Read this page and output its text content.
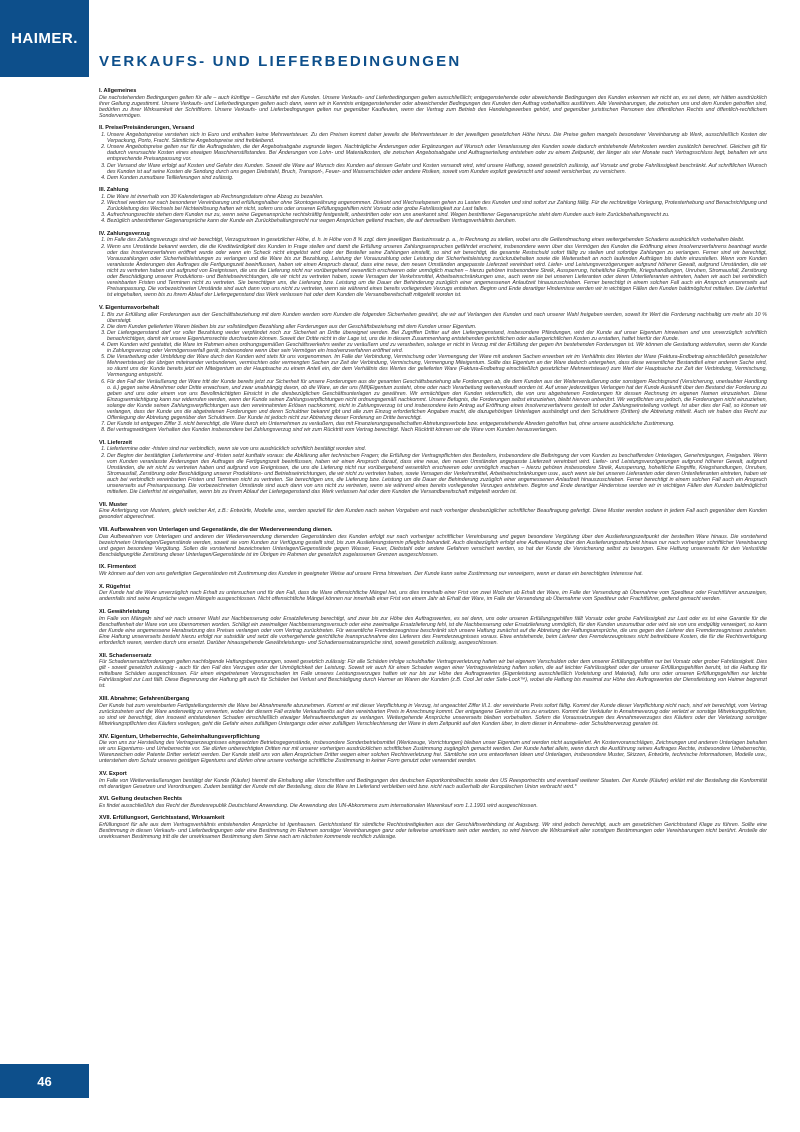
HAIMER.
46
VERKAUFS- UND LIEFERBEDINGUNGEN
I. Allgemeines

Die nachstehenden Bedingungen gelten für alle – auch künftige – Geschäfte mit den Kunden. Unsere Verkaufs- und Lieferbedingungen gelten ausschließlich; entgegenstehende oder abweichende Bedingungen des Kunden erkennen wir nicht an, es sei denn, wir hätten ausdrücklich ihrer Geltung zugestimmt. Unsere Verkaufs- und Lieferbedingungen gelten auch dann, wenn wir in Kenntnis entgegenstehender oder abweichender Bedingungen des Kunden den Auftrag vorbehaltlos ausführen. Alle Vereinbarungen, die zwischen uns und dem Kunden getroffen sind, bedürfen zu ihrer Wirksamkeit der Schriftform. Unsere Verkaufs- und Lieferbedingungen gelten nur gegenüber Kaufleuten, wenn der Vertrag zum Betrieb des Handelsgewerbes gehört, und gegenüber juristischen Personen des öffentlichen Rechts und öffentlich-rechtlichem Sondervermögen.

II. Preise/Preisänderungen, Versand
1. Unsere Angebotspreise verstehen sich in Euro und enthalten keine Mehrwertsteuer. Zu den Preisen kommt daher jeweils die Mehrwertsteuer in der jeweiligen gesetzlichen Höhe hinzu. Die Preise gelten mangels besonderer Vereinbarung ab Werk, ausschließlich Kosten der Verpackung, Porto, Fracht. Sämtliche Angebotspreise sind freibleibend.
2. Unsere Angebotspreise gelten nur für die Auftragsdaten, die der Angebotsabgabe zugrunde liegen. Nachträgliche Änderungen oder Ergänzungen auf Wunsch oder Veranlassung des Kunden sowie dadurch entstehende Mehrkosten werden zusätzlich berechnet. Gleiches gilt für dadurch verursachte Kosten eines etwaigen Maschinenstillstandes. Bei Änderungen von Lohn- und Materialkosten, die zwischen Angebotsabgabe und Auftragserteilung entstehen oder zu einem Zeitpunkt, der länger als vier Monate nach Vertragsschluss liegt, behalten wir uns entsprechende Preisanpassung vor.
3. Der Versand der Ware erfolgt auf Kosten und Gefahr des Kunden. Soweit die Ware auf Wunsch des Kunden auf dessen Gefahr und Kosten versandt wird, wird unsere Haftung, soweit gesetzlich zulässig, auf Vorsatz und grobe Fahrlässigkeit beschränkt. Auf schriftlichen Wunsch des Kunden ist auf seine Kosten die Sendung durch uns gegen Diebstahl, Bruch, Transport-, Feuer- und Wasserschäden oder andere Risiken, soweit vom Kunden explizit gewünscht und soweit versicherbar, zu versichern.
4. Dem Kunden zumutbare Teillieferungen sind zulässig.
III. Zahlung
1. Die Ware ist innerhalb von 30 Kalendertagen ab Rechnungsdatum ohne Abzug zu bezahlen.
2. Wechsel werden nur nach besonderer Vereinbarung und erfüllungshalber ohne Skontogewährung angenommen. Diskont und Wechselspesen gehen zu Lasten des Kunden und sind sofort zur Zahlung fällig. Für die rechtzeitige Vorlegung, Protesterhebung und Benachrichtigung und Zurückleitung des Wechsels bei Nichteinlösung haften wir nicht, sofern uns oder unseren Erfüllungsgehilfen nicht Vorsatz oder grobe Fahrlässigkeit zur Last fallen.
3. Aufrechnungsrechte stehen dem Kunden nur zu, wenn seine Gegenansprüche rechtskräftig festgestellt, unbestritten oder von uns anerkannt sind. Wegen bestrittener Gegenansprüche steht dem Kunden auch kein Zurückbehaltungsrecht zu.
4. Bezüglich unbestrittener Gegenansprüche kann der Kunde ein Zurückbehaltungsrecht nur wegen Ansprüchen geltend machen, die auf demselben Vertragsverhältnis beruhen.
IV. Zahlungsverzug
1. Im Falle des Zahlungsverzugs sind wir berechtigt, Verzugszinsen in gesetzlicher Höhe, d. h. in Höhe von 8 % zzgl. dem jeweiligen Basiszinssatz p. a., in Rechnung zu stellen, wobei uns die Geltendmachung eines weitergehenden Schadens ausdrücklich vorbehalten bleibt.
2. Wenn uns Umstände bekannt werden, die die Kreditwürdigkeit des Kunden in Frage stellen und damit die Erfüllung unseres Zahlungsanspruches gefährdet erscheint, insbesondere wenn über das Vermögen des Kunden die Eröffnung eines Insolvenzverfahrens beantragt wurde oder das Insolvenzverfahren eröffnet wurde oder wenn ein Scheck nicht eingelöst wird oder der Besteller seine Zahlungen einstellt, so sind wir berechtigt, die gesamte Restschuld sofort fällig zu stellen und sofortige Zahlungen zu verlangen. Ferner sind wir berechtigt, Vorauszahlungen oder Sicherheitsleistungen zu verlangen und die Ware bis zur Bezahlung, Leistung der Vorauszahlung oder Leistung der Sicherheitsleistung zurückzubehalten sowie die Weiterarbeit an noch laufenden Aufträgen bis dahin einzustellen. Wenn vom Kunden veranlasste Änderungen des Auftrages die Fertigungszeit beeinflussen, haben wir einen Anspruch darauf, dass eine neue, den neuen Umständen angepasste Lieferzeit vereinbart wird. Liefer- und Leistungsverzögerungen aufgrund höherer Gewalt, aufgrund Umständen, die wir nicht zu vertreten haben und aufgrund von Ereignissen, die uns die Lieferung nicht nur vorübergehend wesentlich erschweren oder unmöglich machen – hierzu gehören insbesondere Streik, Aussperrung, hoheitliche Eingriffe, Kriegshandlungen, Unruhen, Stromausfall, Zerstörung oder Beschädigung unserer Produktions- und Betriebseinrichtungen, die wir nicht zu vertreten haben, sowie Versagen der Verkehrsmittel, Arbeitseinschränkungen usw., auch wenn sie bei unseren Lieferanten oder deren Unterlieferanten eintreten, haben wir auch bei verbindlich vereinbarten Fristen und Terminen nicht zu vertreten. Sie berechtigen uns, die Lieferung bzw. Leistung um die Dauer der Behinderung zuzüglich einer angemessenen Anlaufzeit hinauszuschieben. Ferner berechtigt in einem solchen Fall auch ein Anspruch unsererseits auf Preisanpassung. Die vorbezeichneten Umstände sind auch dann von uns nicht zu vertreten, wenn sie während eines bereits vorliegenden Verzugs entstehen. Beginn und Ende derartiger Hindernisse werden wir in wichtigen Fällen den Kunden baldmöglichst mitteilen. Die Lieferfrist ist eingehalten, wenn bis zu ihrem Ablauf der Liefergegenstand das Werk verlassen hat oder dem Kunden die Versandbereitschaft mitgeteilt worden ist.
V. Eigentumsvorbehalt
1. Bis zur Erfüllung aller Forderungen aus der Geschäftsbeziehung mit dem Kunden werden vom Kunden die folgenden Sicherheiten gewährt, die wir auf Verlangen des Kunden und nach unserer Wahl freigeben werden, soweit ihr Wert die Forderung nachhaltig um mehr als 10 % übersteigt.
2. Die dem Kunden gelieferten Waren bleiben bis zur vollständigen Bezahlung aller Forderungen aus der Geschäftsbeziehung mit dem Kunden unser Eigentum.
3. Der Liefergegenstand darf vor voller Bezahlung weder verpfändet noch zur Sicherheit an Dritte übereignet werden. Bei Zugriffen Dritter auf den Liefergegenstand, insbesondere Pfändungen, wird der Kunde auf unser Eigentum hinweisen und uns unverzüglich schriftlich benachrichtigen, damit wir unsere Eigentumsrechte durchsetzen können. Soweit der Dritte nicht in der Lage ist, uns die in diesem Zusammenhang entstehenden gerichtlichen oder außergerichtlichen Kosten zu erstatten, haftet hierfür der Kunde.
4. Dem Kunden wird gestattet, die Ware im Rahmen eines ordnungsgemäßen Geschäftsverkehrs weiter zu veräußern und zu verarbeiten, solange er nicht in Verzug mit der Erfüllung der gegen ihn bestehenden Forderungen ist. Wir können die Gestattung widerrufen, wenn der Kunde in Zahlungsverzug oder Vermögensverfall gerät, insbesondere wenn über sein Vermögen ein Insolvenzverfahren eröffnet wird.
5. Die Verarbeitung oder Umbildung der Ware durch den Kunden wird stets für uns vorgenommen. Im Falle der Verbindung, Vermischung oder Vermengung der Ware mit anderen Sachen erwerben wir im Verhältnis des Wertes der Ware (Faktura-Endbetrag einschließlich gesetzlicher Mehrwertsteuer) der übrigen miteinander verbundenen, vermischten oder vermengten Sachen zur Zeit der Verbindung, Vermischung, Vermengung Miteigentum. Sollte das Eigentum an der Ware dadurch untergehen, dass diese wesentlicher Bestandteil einer anderen Sache wird, so räumt uns der Kunde bereits jetzt ein Miteigentum an der Hauptsache zu einem Anteil ein, der dem Verhältnis des Wertes der gelieferten Ware (Faktura-Endbetrag einschließlich gesetzlicher Mehrwertsteuer) zum Wert der Hauptsache zur Zeit der Verbindung, Vermischung, Vermengung entspricht.
6. Für den Fall der Veräußerung der Ware tritt der Kunde bereits jetzt zur Sicherheit für unsere Forderungen aus der gesamten Geschäftsbeziehung alle Forderungen ab, die dem Kunden aus der Weiterveräußerung oder sonstigem Rechtsgrund (Versicherung, unerlaubter Handlung o. ä.) gegen seine Abnehmer oder Dritte erwachsen, und zwar unabhängig davon, ob die Ware, an der uns (Mit)Eigentum zusteht, ohne oder nach Verarbeitung weiterverkauft worden ist. Auf unser jederzeitiges Verlangen hat der Kunde Auskunft über den Bestand der Forderung zu geben und uns oder einem von uns Bevollmächtigten Einsicht in die diesbezüglichen Geschäftsunterlagen zu gewähren. Wir ermächtigen den Kunden widerruflich, die von uns abgetretenen Forderungen für dessen Rechnung im eigenen Namen einzuziehen. Diese Einzugsermächtigung kann nur widerrufen werden, wenn der Kunde seinen Zahlungsverpflichtungen nicht ordnungsgemäß nachkommt. Unsere Befugnis, die Forderungen selbst einzuziehen, bleibt hiervon unberührt. Wir verpflichten uns jedoch, die Forderungen nicht einzuziehen, solange der Kunde seinen Zahlungsverpflichtungen aus den vereinnahmten Erlösen nachkommt, nicht in Zahlungsverzug ist und insbesondere kein Antrag auf Eröffnung eines Insolvenzverfahrens gestellt ist oder Zahlungseinstellung vorliegt. Ist aber dies der Fall, so können wir verlangen, dass der Kunde uns die abgetretenen Forderungen und deren Schuldner bekannt gibt und alle zum Einzug erforderlichen Angaben macht, die dazugehörigen Unterlagen aushändigt und den Schuldnern (Dritten) die Abtretung mitteilt. Auch wir haben das Recht zur Offenlegung der Abtretung gegenüber den Schuldnern. Der Kunde ist jedoch nicht zur Abtretung dieser Forderung an Dritte berechtigt.
7. Der Kunde ist entgegen Ziffer 3. nicht berechtigt, die Ware durch ein Unternehmen zu veräußern, das mit Finanzierungsgesellschaften Abtretungsverbote bzw. entgegenstehende Abreden getroffen hat, ohne unsere ausdrückliche Zustimmung.
8. Bei vertragswidrigem Verhalten des Kunden insbesondere bei Zahlungsverzug sind wir zum Rücktritt vom Vertrag berechtigt. Nach Rücktritt können wir die Ware vom Kunden herausverlangen.
VI. Lieferzeit
1. Liefertermine oder -fristen sind nur verbindlich, wenn sie von uns ausdrücklich schriftlich bestätigt worden sind.
2. Der Beginn der bestätigten Liefertermine und -fristen setzt kunftativ voraus: die Abklärung aller technischen Fragen; die Erfüllung der Vertragspflichten des Bestellers, insbesondere die Beibringung der vom Kunden zu beschaffenden Unterlagen, Genehmigungen, Freigaben. Wenn vom Kunden veranlasste Änderungen des Auftrages die Fertigungszeit beeinflussen, haben wir einen Anspruch darauf, dass eine neue, den neuen Umständen angepasste Lieferzeit vereinbart wird. Liefer- und Leistungsverzögerungen aufgrund höherer Gewalt, aufgrund Umständen, die wir nicht zu vertreten haben und aufgrund von Ereignissen, die uns die Lieferung nicht nur vorübergehend wesentlich erschweren oder unmöglich machen – hierzu gehören insbesondere Streik, Aussperrung, hoheitliche Eingriffe, Kriegshandlungen, Unruhen, Stromausfall, Zerstörung oder Beschädigung unserer Produktions- und Betriebseinrichtungen, die wir nicht zu vertreten haben, sowie Versagen der Verkehrsmittel, Arbeitseinschränkungen usw., auch wenn sie bei unseren Lieferanten oder deren Unterlieferanten eintreten, haben wir auch bei verbindlich vereinbarten Fristen und Terminen nicht zu vertreten. Sie berechtigen uns, die Lieferung bzw. Leistung um die Dauer der Behinderung zuzüglich einer angemessenen Anlaufzeit hinauszuschieben. Ferner berechtigt in einem solchen Fall auch ein Anspruch unsererseits auf Preisanpassung. Die vorbezeichneten Umstände sind auch dann von uns nicht zu vertreten, wenn sie während eines bereits vorliegenden Verzuges entstehen. Beginn und Ende derartiger Hindernisse werden wir in wichtigen Fällen den Kunden baldmöglichst mitteilen. Die Lieferfrist ist eingehalten, wenn bis zu ihrem Ablauf der Liefergegenstand das Werk verlassen hat oder dem Kunden die Versandbereitschaft mitgeteilt worden ist.
VII. Muster

Eine Anfertigung von Mustern, gleich welcher Art, z.B.: Entwürfe, Modelle usw., werden speziell für den Kunden nach seinen Vorgaben erst nach vorheriger diesbezüglicher schriftlicher Beauftragung gefertigt. Diese Muster werden sodann in jedem Fall auch gegenüber dem Kunden gesondert abgerechnet.

VIII. Aufbewahren von Unterlagen und Gegenstände, die der Wiederverwendung dienen.

Das Aufbewahren von Unterlagen und anderen der Wiederverwendung dienenden Gegenständen des Kunden erfolgt nur nach vorheriger schriftlicher Vereinbarung und gegen besondere Vergütung über den Auslieferungszeitpunkt der bestellten Ware hinaus. Die vorstehend bezeichneten Unterlagen/Gegenstände werden, soweit sie vom Kunden zur Verfügung gestellt sind, bis zum Auslieferungstermin pfleglich behandelt. Auch diesbezüglich erfolgt eine Aufbewahrung über den Auslieferungszeitpunkt hinaus nur nach vorheriger schriftlicher Vereinbarung und gegen besondere Vergütung. Sollen die vorstehend bezeichneten Unterlagen/Gegenstände gegen Wasser, Feuer, Diebstahl oder andere Gefahren versichert werden, so hat der Kunde die Versicherung selbst zu besorgen. Eine Haftung unsererseits für den Verlust/die Beschädigung/die Zerstörung dieser Unterlagen/Gegenstände ist im Übrigen im Rahmen der gesetzlich zugelassenen Grenzen ausgeschlossen.

IX. Firmentext

Wir können auf den von uns gefertigten Gegenständen mit Zustimmung des Kunden in geeigneter Weise auf unsere Firma hinweisen. Der Kunde kann seine Zustimmung nur verweigern, wenn er daran ein berechtigtes Interesse hat.

X. Rügefrist

Der Kunde hat die Ware unverzüglich nach Erhalt zu untersuchen und für den Fall, dass die Ware offensichtliche Mängel hat, uns dies innerhalb einer Frist von zwei Wochen ab Erhalt der Ware, im Falle der Versendung ab Übernahme vom Spediteur oder Frachtführer anzuzeigen, andernfalls sind seine Ansprüche wegen Mängeln ausgeschlossen. Nicht offensichtliche Mängel können nur innerhalb einer Frist von einem Jahr ab Erhalt der Ware, im Falle der Versendung ab Übernahme vom Spediteur oder Frachtführer, geltend gemacht werden.

XI. Gewährleistung

Im Falle von Mängeln sind wir nach unserer Wahl zur Nachbesserung oder Ersatzlieferung berechtigt, und zwar bis zur Höhe des Auftragswertes, es sei denn, uns oder unseren Erfüllungsgehilfen fällt Vorsatz oder grobe Fahrlässigkeit zur Last oder es ist eine Garantie für die Beschaffenheit der Ware von uns übernommen worden. Schlägt ein zweimaliger Nachbesserungsversuch oder eine zweimalige Ersatzlieferung fehl, ist die Nachbesserung oder Ersatzlieferung unmöglich, für den Kunden unzumutbar oder wird sie von uns endgültig verweigert, so kann der Kunde eine angemessene Herabsetzung des Preises verlangen oder vom Vertrag zurücktreten. Für wesentliche Fremderzeugnisse beschränkt sich unsere Haftung zunächst auf die Abtretung der Haftungsansprüche, die uns gegen den Lieferer des Fremderzeugnisses zustehen. Eine Haftung unsererseits besteht hierzu erfolgt nur subsidiär und setzt die vorhergehende gerichtliche Inanspruchnahme des Lieferers des Fremderzeugnisses voraus. Etwa entstehende, beim Lieferer des Fremderzeugnisses nicht beitreibbare Kosten, die für die Rechtsverfolgung erforderlich waren, werden durch uns ersetzt. Darüber hinausgehende Gewährleistungs- und Schadensersatzansprüche sind, soweit gesetzlich zulässig, ausgeschlossen.

XII. Schadensersatz

Für Schadensersatzforderungen gelten nachfolgende Haftungsbegrenzungen, soweit gesetzlich zulässig: Für alle Schäden infolge schuldhafter Vertragsverletzung haften wir bei eigenem Verschulden oder dem unserer Erfüllungsgehilfen nur bei Vorsatz oder grober Fahrlässigkeit. Dies gilt - soweit gesetzlich zulässig - auch für den Fall des Verzuges oder der Unmöglichkeit der Leistung. Soweit wir auch für einen Schaden wegen einer Vertragsverletzung haften sollen, die auf leichter Fahrlässigkeit oder der unserer Erfüllungsgehilfen beruht, ist die Haftung für mittelbare Schäden ausgeschlossen. Für einen eingetretenen Verzugsschaden im Falle unseres Leistungsverzuges haften wir nur bis zur Höhe des Auftragswertes (Eigenleistung ausschließlich Vorleistung und Material), falls uns oder unseren Erfüllungsgehilfen nur leichte Fahrlässigkeit zur Last fällt. Diese Begrenzung der Haftung gilt auch für Schäden bei Verlust und Beschädigung durch Harmer an Waren der Kunden (z.B. Cool Jet oder Safe-Lock™), wobei die Haftung bis maximal zur Höhe des Auftragswertes der Dienstleistung von Haimer begrenzt ist.

XIII. Abnahme; Gefahrenübergang

Der Kunde hat zum vereinbarten Fertigstellungstermin die Ware bei Abnahmereife abzunehmen. Kommt er mit dieser Verpflichtung in Verzug, ist ungeachtet Ziffer III.1. der vereinbarte Preis sofort fällig. Kommt der Kunde dieser Verpflichtung nicht nach, sind wir berechtigt, vom Vertrag zurückzutreten und die Ware anderweitig zu verwerten, wobei der diesem Fall erzielte Verkaufserlös auf den vereinbarten Preis in Anrechnung kommt. Der entgangene Gewinn ist uns zu ersetzen. Kommt der Verkäufer in Annahmeverzug oder verletzt er sonstige Mitwirkungspflichten, so sind wir berechtigt, den insoweit entstandenen Schaden einschließlich etwaiger Mehraufwendungen zu verlangen. Weitergehende Ansprüche unsererseits bleiben vorbehalten. Sofern die Voraussetzungen des Annahmeverzuges des Käufers oder der Verletzung sonstiger Mitwirkungspflichten des Käufers vorliegen, geht die Gefahr eines zufälligen Untergangs oder einer zufälligen Verschlechterung der Ware in dem Zeitpunkt auf den Kunden über, in dem dieser in Annahme- oder Schuldnerverzug geraten ist.

XIV. Eigentum, Urheberrechte, Geheimhaltungsverpflichtung

Die von uns zur Herstellung des Vertragserzeugnisses eingesetzten Betriebsgegenstände, insbesondere Sonderbetriebsmittel (Werkzeuge, Vorrichtungen) bleiben unser Eigentum und werden nicht ausgeliefert. An Kostenvoranschlägen, Zeichnungen und anderen Unterlagen behalten wir uns Eigentums- und Urheberrechte vor. Sie dürfen unberechtigten Dritten nur mit unserer vorherigen ausdrücklichen schriftlichen Zustimmung zugänglich gemacht werden. Der Kunde haftet allein, wenn durch die Ausführung seines Auftrages Rechte, insbesondere Urheberrechte, Warenzeichen oder Patente Dritter verletzt werden. Der Kunde stellt uns von allen Ansprüchen Dritter wegen einer solchen Rechtsverletzung frei. Sämtliche von uns entworfenen Ideen und Unterlagen, insbesondere Muster, Skizzen, Entwürfe, technische Informationen, Modelle usw., unterstehen dem Schutz unseres geistigen Eigentums und dürfen ohne unsere vorherige schriftliche Zustimmung in keiner Form genutzt oder verwendet werden.

XV. Export

Im Falle von Weiterveräußerungen bestätigt der Kunde (Käufer) hiermit die Einhaltung aller Vorschriften und Bedingungen des deutschen Exportkontrollrechts sowie des US Reexportrechts und eventuell weiterer Staaten. Der Kunde (Käufer) erklärt mit der Bestellung die Konformität mit derartigen Gesetzen und Verordnungen. Zudem bestätigt der Kunde mit der Bestellung, dass die Ware im Lieferland verbleiben wird bzw. nicht nach außerhalb der Europäischen Union verbracht wird.*

XVI. Geltung deutschen Rechts

Es findet ausschließlich das Recht der Bundesrepublik Deutschland Anwendung. Die Anwendung des UN-Abkommens zum internationalen Warenkauf vom 1.1.1991 wird ausgeschlossen.

XVII. Erfüllungsort, Gerichtsstand, Wirksamkeit

Erfüllungsort für alle aus dem Vertragsverhältnis entstehenden Ansprüche ist Igenhausen. Gerichtsstand für sämtliche Rechtsstreitigkeiten aus der Geschäftsverbindung ist Augsburg. Wir sind jedoch berechtigt, auch am gesetzlichen Gerichtsstand Klage zu führen. Sollte eine Bestimmung in diesen Verkaufs- und Lieferbedingungen oder eine Bestimmung im Rahmen sonstiger Vereinbarungen ganz oder teilweise unwirksam sein oder werden, so wird hiervon die Wirksamkeit aller sonstigen Bestimmungen oder Vereinbarungen nicht berührt. Anstelle der unwirksamen Bestimmung tritt die der unwirksamen Bestimmung dem Sinne nach am nächsten kommende rechtlich zulässige.
